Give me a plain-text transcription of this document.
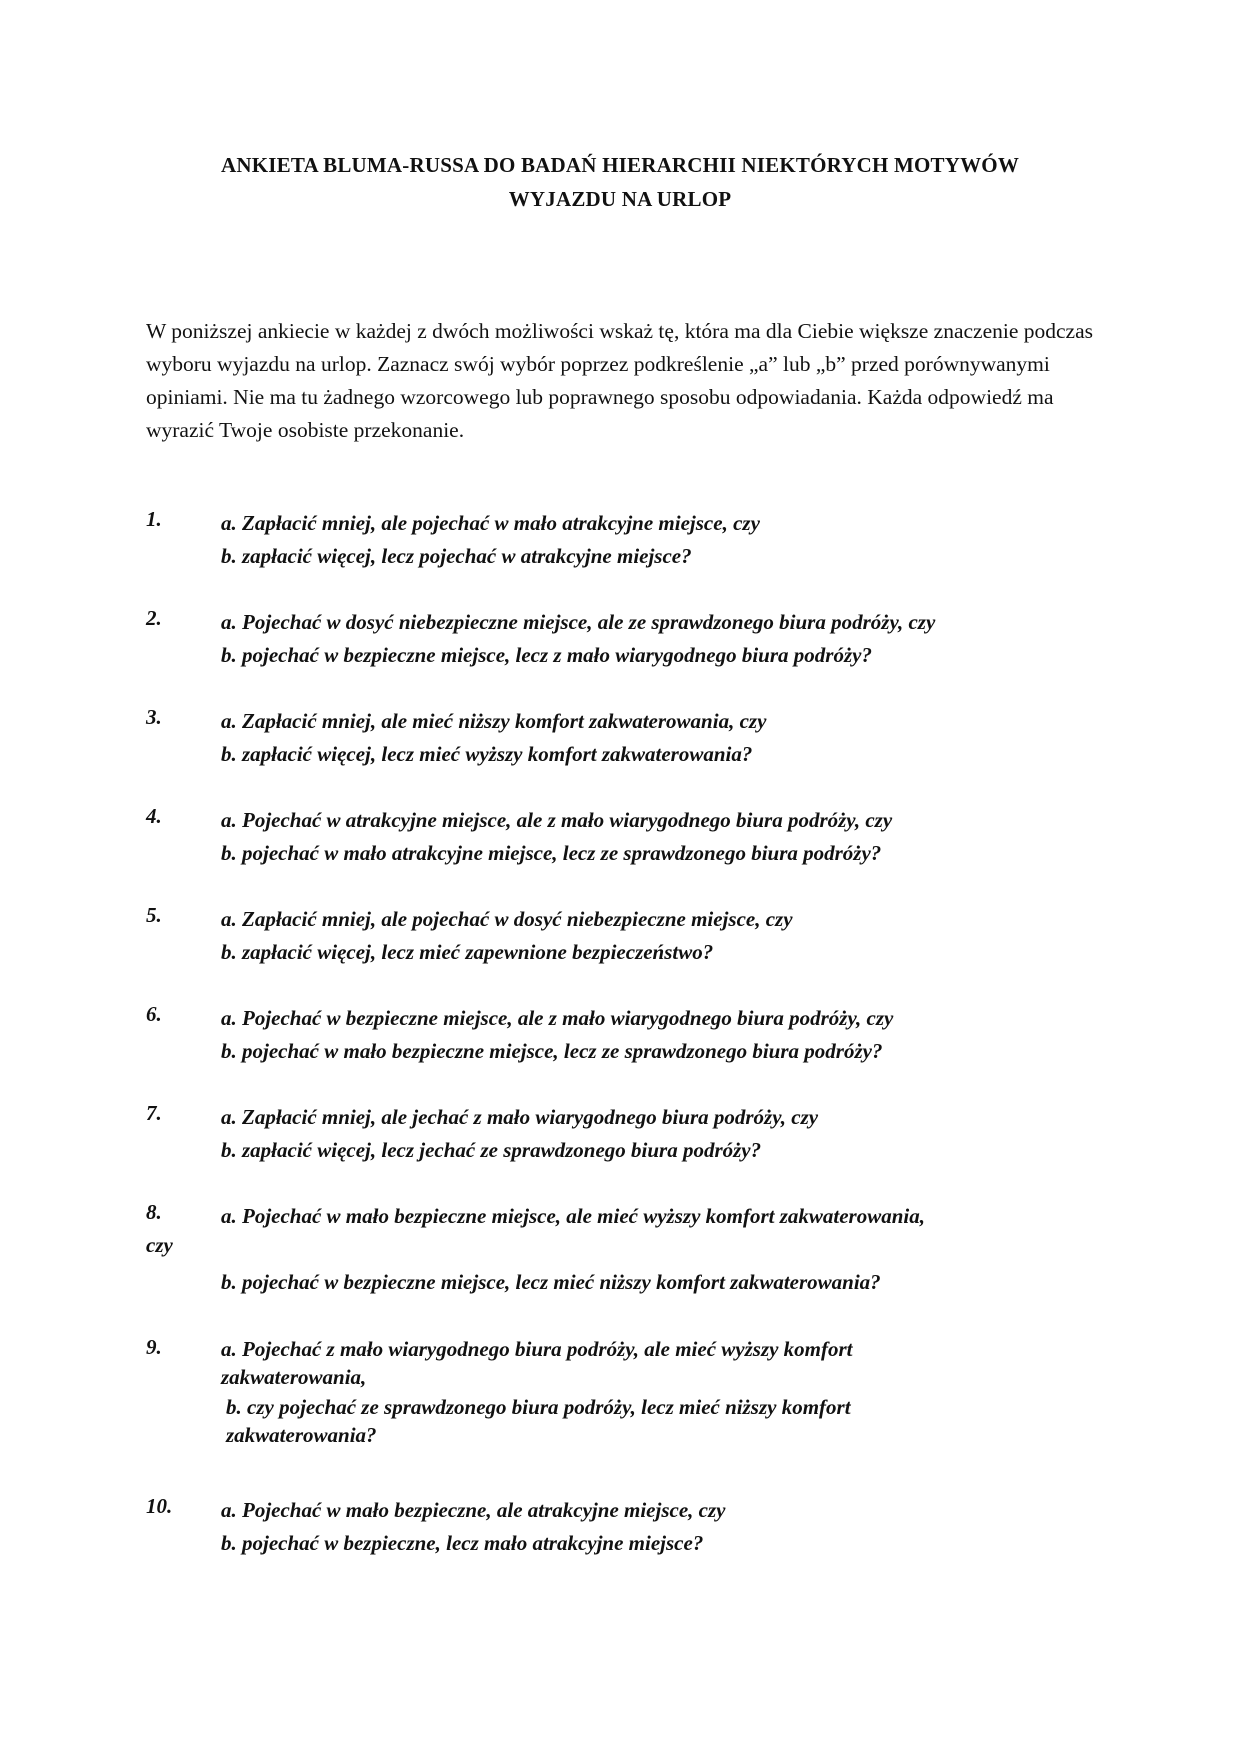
ANKIETA BLUMA-RUSSA DO BADAŃ HIERARCHII NIEKTÓRYCH MOTYWÓW
WYJAZDU NA URLOP

W poniższej ankiecie w każdej z dwóch możliwości wskaż tę, która ma dla Ciebie większe znaczenie podczas wyboru wyjazdu na urlop. Zaznacz swój wybór poprzez podkreślenie „a” lub „b” przed porównywanymi opiniami. Nie ma tu żadnego wzorcowego lub poprawnego sposobu odpowiadania. Każda odpowiedź ma wyrazić Twoje osobiste przekonanie.

1.	a. Zapłacić mniej, ale pojechać w mało atrakcyjne miejsce, czy
b. zapłacić więcej, lecz pojechać w atrakcyjne miejsce?
2.	a. Pojechać w dosyć niebezpieczne miejsce, ale ze sprawdzonego biura podróży, czy
b. pojechać w bezpieczne miejsce, lecz z mało wiarygodnego biura podróży?
3.	a. Zapłacić mniej, ale mieć niższy komfort zakwaterowania, czy
b. zapłacić więcej, lecz mieć wyższy komfort zakwaterowania?
4.	a. Pojechać w atrakcyjne miejsce, ale z mało wiarygodnego biura podróży, czy
b. pojechać w mało atrakcyjne miejsce, lecz ze sprawdzonego biura podróży?
5.	a. Zapłacić mniej, ale pojechać w dosyć niebezpieczne miejsce, czy
b. zapłacić więcej, lecz mieć zapewnione bezpieczeństwo?
6.	a. Pojechać w bezpieczne miejsce, ale z mało wiarygodnego biura podróży, czy
b. pojechać w mało bezpieczne miejsce, lecz ze sprawdzonego biura podróży?
7.	a. Zapłacić mniej, ale jechać z mało wiarygodnego biura podróży, czy
b. zapłacić więcej, lecz jechać ze sprawdzonego biura podróży?
8.	a. Pojechać w mało bezpieczne miejsce, ale mieć wyższy komfort zakwaterowania,
czy
b. pojechać w bezpieczne miejsce, lecz mieć niższy komfort zakwaterowania?
9.	a. Pojechać z mało wiarygodnego biura podróży, ale mieć wyższy komfort zakwaterowania,
b. czy pojechać ze sprawdzonego biura podróży, lecz mieć niższy komfort zakwaterowania?
10.	a. Pojechać w mało bezpieczne, ale atrakcyjne miejsce, czy
b. pojechać w bezpieczne, lecz mało atrakcyjne miejsce?
